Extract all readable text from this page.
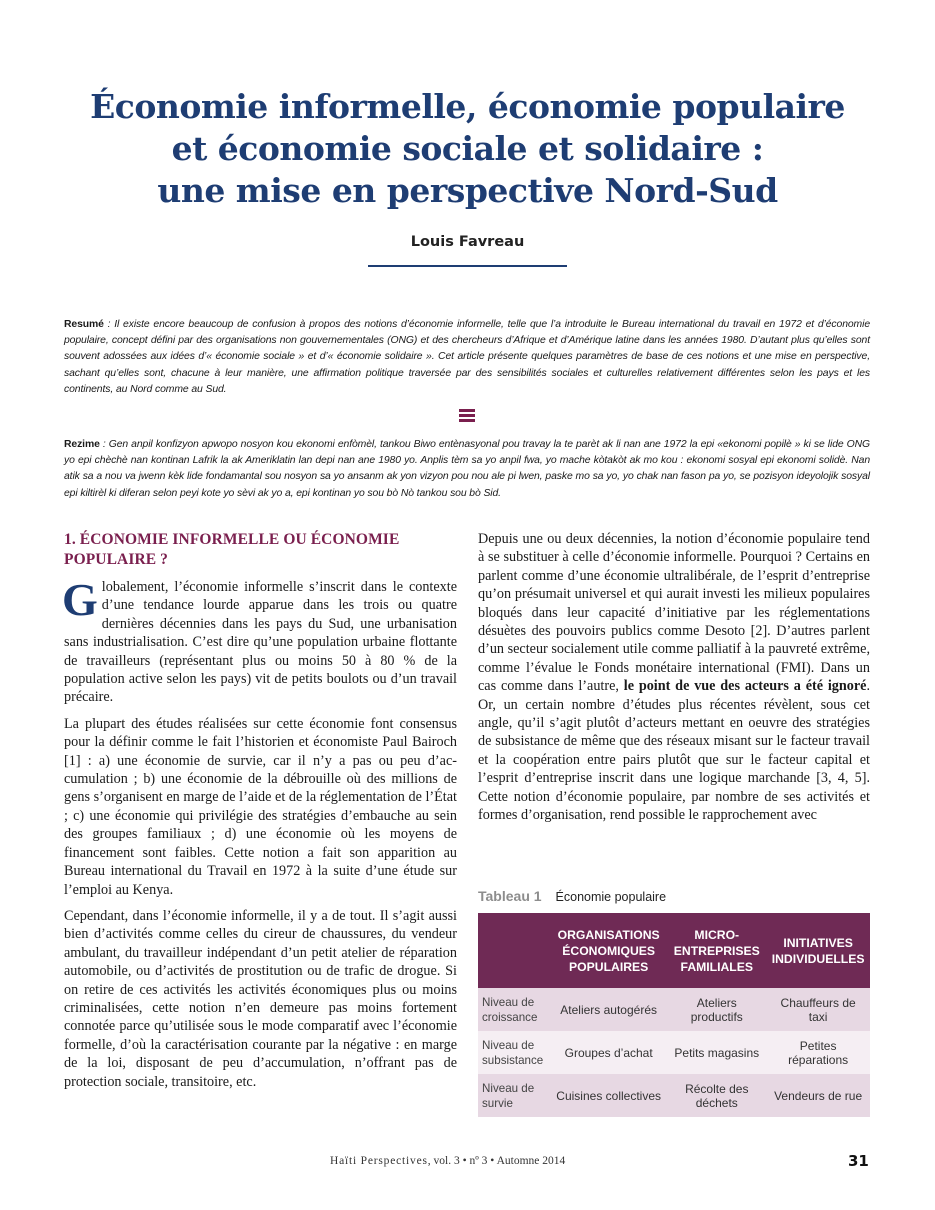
Économie informelle, économie populaire
et économie sociale et solidaire :
une mise en perspective Nord-Sud
Louis Favreau

Resumé : Il existe encore beaucoup de confusion à propos des notions d’économie informelle, telle que l’a introduite le Bureau international du travail en 1972 et d’économie populaire, concept défini par des organisations non gouvernementales (ONG) et des chercheurs d’Afrique et d’Amérique latine dans les années 1980. D’autant plus qu’elles sont souvent adossées aux idées d’« économie sociale » et d’« économie solidaire ». Cet article présente quelques paramètres de base de ces notions et une mise en perspective, sachant qu’elles sont, chacune à leur manière, une affirmation politique traversée par des sensibilités sociales et culturelles relativement différentes selon les pays et les continents, au Nord comme au Sud.

Rezime : Gen anpil konfizyon apwopo nosyon kou ekonomi enfòmèl, tankou Biwo entènasyonal pou travay la te parèt ak li nan ane 1972 la epi «ekonomi popilè » ki se lide ONG yo epi chèchè nan kontinan Lafrik la ak Ameriklatin lan depi nan ane 1980 yo. Anplis tèm sa yo anpil fwa, yo mache kòtakòt ak mo kou : ekonomi sosyal epi ekonomi solidè. Nan atik sa a nou va jwenn kèk lide fondamantal sou nosyon sa yo ansanm ak yon vizyon pou nou ale pi lwen, paske mo sa yo, yo chak nan fason pa yo, se pozisyon ideyolojik sosyal epi kiltirèl ki diferan selon peyi kote yo sèvi ak yo a, epi kontinan yo sou bò Nò tankou sou bò Sid.

1. ÉCONOMIE INFORMELLE OU ÉCONOMIE POPULAIRE ?

Globalement, l’économie informelle s’inscrit dans le contexte d’une tendance lourde apparue dans les trois ou quatre dernières décennies dans les pays du Sud, une urbanisation sans industrialisation. C’est dire qu’une population urbaine flottante de travailleurs (représentant plus ou moins 50 à 80 % de la population active selon les pays) vit de petits boulots ou d’un travail précaire.

La plupart des études réalisées sur cette économie font consensus pour la définir comme le fait l’historien et économiste Paul Bairoch [1] : a) une économie de survie, car il n’y a pas ou peu d’accumulation ; b) une économie de la débrouille où des millions de gens s’organisent en marge de l’aide et de la réglementation de l’État ; c) une économie qui privilégie des stratégies d’embauche au sein des groupes familiaux ; d) une économie où les moyens de financement sont faibles. Cette notion a fait son apparition au Bureau international du Travail en 1972 à la suite d’une étude sur l’emploi au Kenya.

Cependant, dans l’économie informelle, il y a de tout. Il s’agit aussi bien d’activités comme celles du cireur de chaussures, du vendeur ambulant, du travailleur indépendant d’un petit atelier de réparation automobile, ou d’activités de prostitution ou de trafic de drogue. Si on retire de ces activités les activités économiques plus ou moins criminalisées, cette notion n’en demeure pas moins fortement connotée parce qu’utilisée sous le mode comparatif avec l’économie formelle, d’où la caractérisation courante par la négative : en marge de la loi, disposant de peu d’accumulation, n’offrant pas de protection sociale, transitoire, etc.

Depuis une ou deux décennies, la notion d’économie populaire tend à se substituer à celle d’économie informelle. Pourquoi ? Certains en parlent comme d’une économie ultralibérale, de l’esprit d’entreprise qu’on présumait universel et qui aurait investi les milieux populaires bloqués dans leur capacité d’initiative par les réglementations désuètes des pouvoirs publics comme Desoto [2]. D’autres parlent d’un secteur socialement utile comme palliatif à la pauvreté extrême, comme l’évalue le Fonds monétaire international (FMI). Dans un cas comme dans l’autre, le point de vue des acteurs a été ignoré. Or, un certain nombre d’études plus récentes révèlent, sous cet angle, qu’il s’agit plutôt d’acteurs mettant en oeuvre des stratégies de subsistance de même que des réseaux misant sur le facteur travail et la coopération entre pairs plutôt que sur le facteur capital et l’esprit d’entreprise inscrit dans une logique marchande [3, 4, 5]. Cette notion d’économie populaire, par nombre de ses activités et formes d’organisation, rend possible le rapprochement avec

Tableau 1 Économie populaire
	ORGANISATIONS ÉCONOMIQUES POPULAIRES	MICRO-ENTREPRISES FAMILIALES	INITIATIVES INDIVIDUELLES
Niveau de croissance	Ateliers autogérés	Ateliers productifs	Chauffeurs de taxi
Niveau de subsistance	Groupes d’achat	Petits magasins	Petites réparations
Niveau de survie	Cuisines collectives	Récolte des déchets	Vendeurs de rue
Haïti Perspectives, vol. 3 • nº 3 • Automne 2014	31
